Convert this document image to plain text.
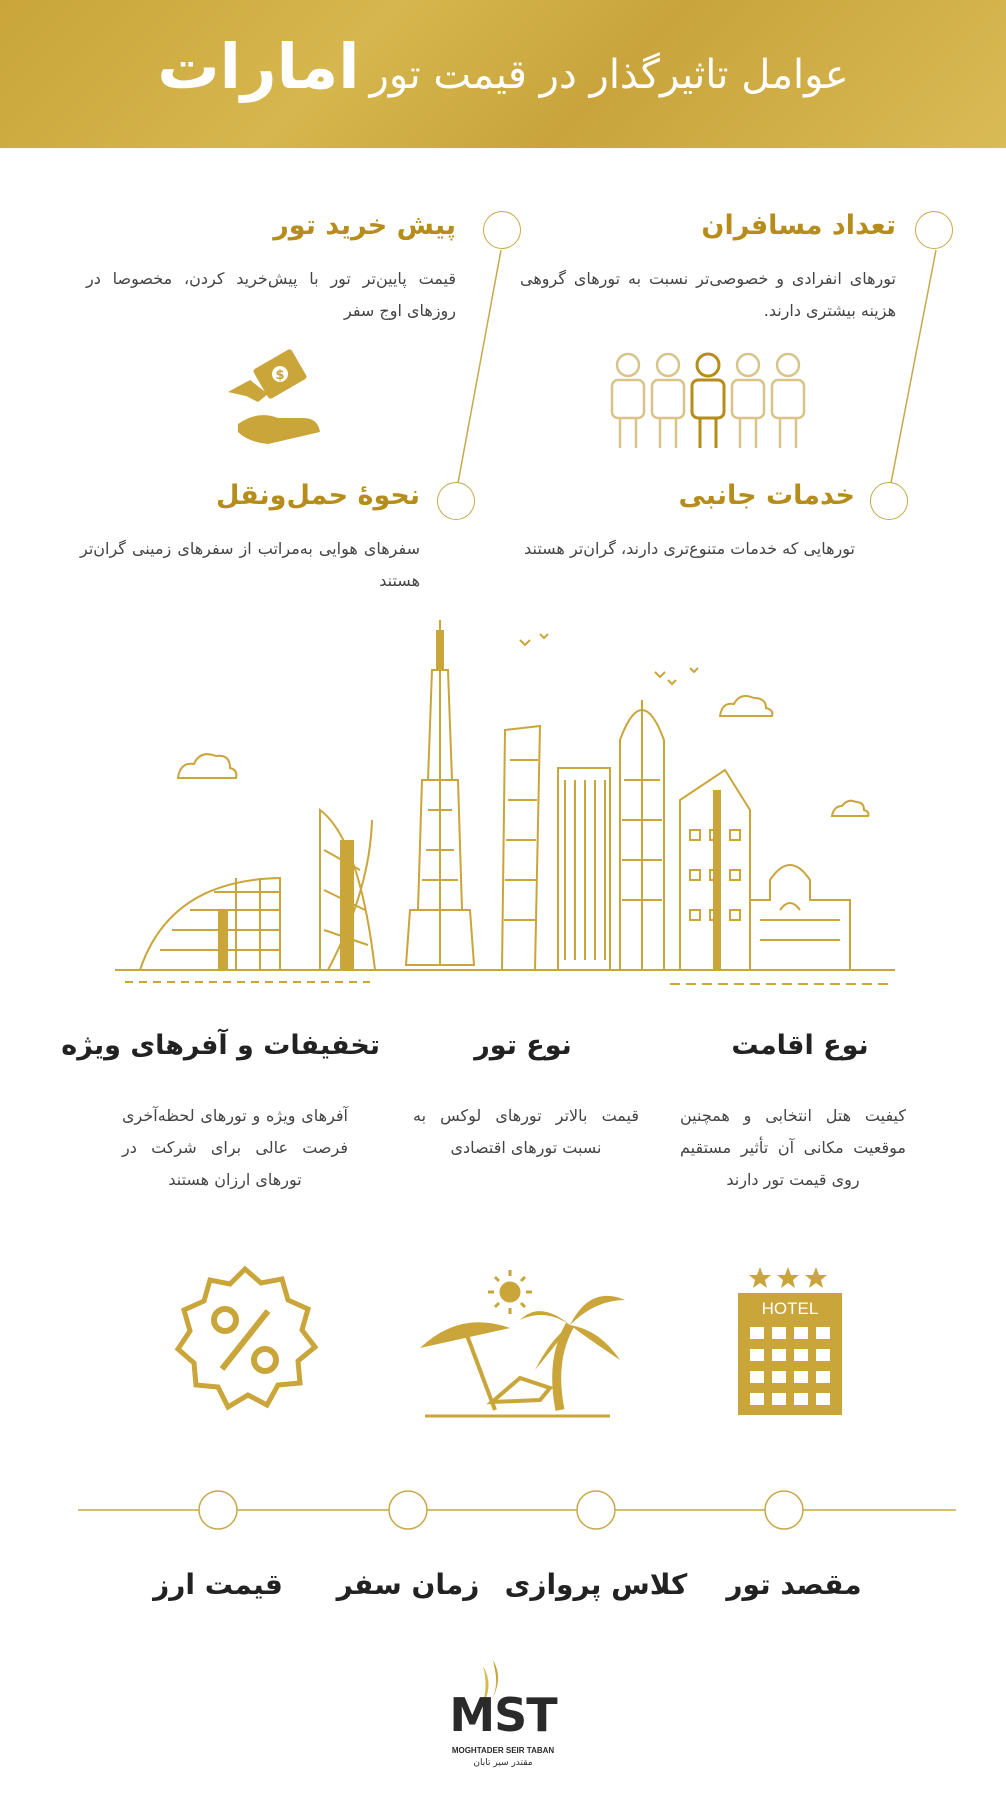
عوامل تاثیرگذار در قیمت تورامارات
تعداد مسافران
تورهای انفرادی و خصوصی‌تر نسبت به تورهای گروهی هزینه بیشتری دارند.
پیش خرید تور
قیمت پایین‌تر تور با پیش‌خرید کردن، مخصوصا در روزهای اوج سفر
خدمات جانبی
تورهایی که خدمات متنوع‌تری دارند، گران‌تر هستند
نحوهٔ حمل‌ونقل
سفرهای هوایی به‌مراتب از سفرهای زمینی گران‌تر هستند
$
نوع اقامت
کیفیت هتل انتخابی و همچنین موقعیت مکانی آن تأثیر مستقیم روی قیمت تور دارند
نوع تور
قیمت بالاتر تورهای لوکس به نسبت تورهای اقتصادی
تخفیفات و آفرهای ویژه
آفرهای ویژه و تورهای لحظه‌آخری فرصت عالی برای شرکت در تورهای ارزان هستند
HOTEL
مقصد تور
کلاس پروازی
زمان سفر
قیمت ارز
MST
MOGHTADER SEIR TABAN
مقتدر سیر تابان
